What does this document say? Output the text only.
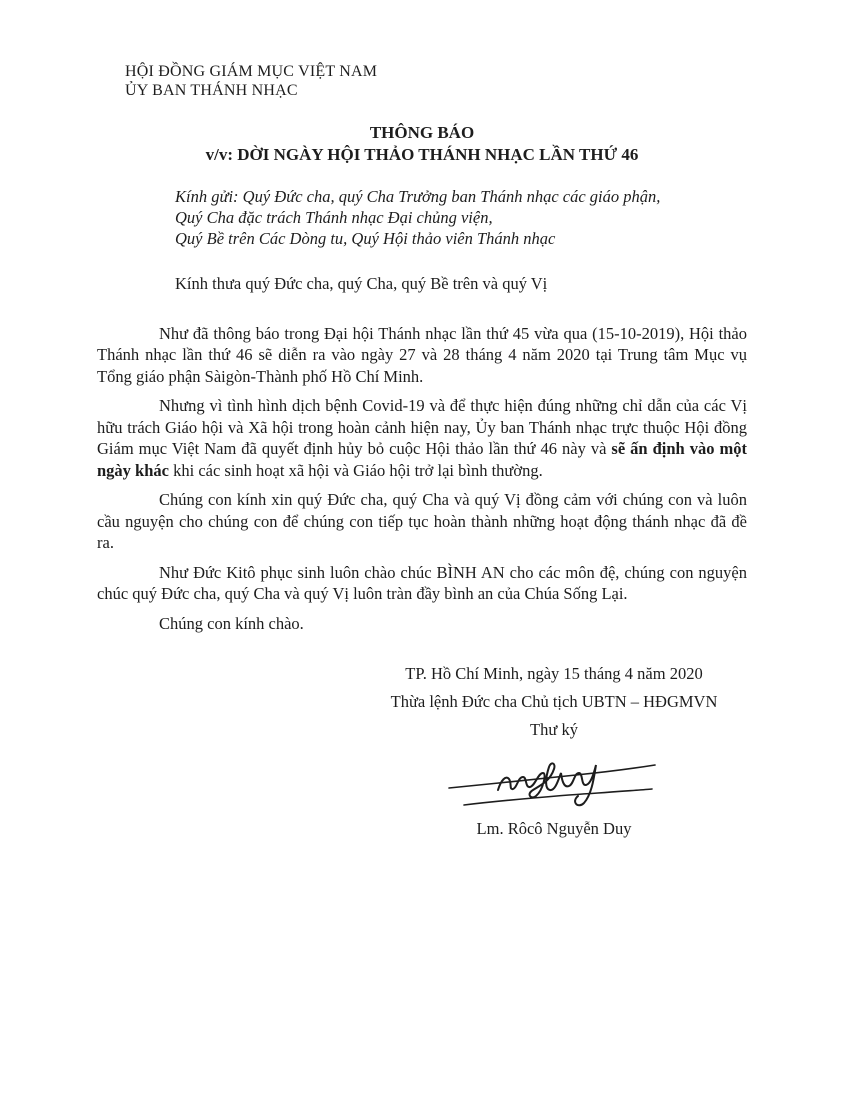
HỘI ĐỒNG GIÁM MỤC VIỆT NAM
ỦY BAN THÁNH NHẠC
THÔNG BÁO
v/v: DỜI NGÀY HỘI THẢO THÁNH NHẠC LẦN THỨ 46
Kính gửi: Quý Đức cha, quý Cha Trưởng ban Thánh nhạc các giáo phận,
Quý Cha đặc trách Thánh nhạc Đại chủng viện,
Quý Bề trên Các Dòng tu, Quý Hội thảo viên Thánh nhạc
Kính thưa quý Đức cha, quý Cha, quý Bề trên và quý Vị

Như đã thông báo trong Đại hội Thánh nhạc lần thứ 45 vừa qua (15-10-2019), Hội thảo Thánh nhạc lần thứ 46 sẽ diễn ra vào ngày 27 và 28 tháng 4 năm 2020 tại Trung tâm Mục vụ Tổng giáo phận Sàigòn-Thành phố Hồ Chí Minh.

Nhưng vì tình hình dịch bệnh Covid-19 và để thực hiện đúng những chỉ dẫn của các Vị hữu trách Giáo hội và Xã hội trong hoàn cảnh hiện nay, Ủy ban Thánh nhạc trực thuộc Hội đồng Giám mục Việt Nam đã quyết định hủy bỏ cuộc Hội thảo lần thứ 46 này và sẽ ấn định vào một ngày khác khi các sinh hoạt xã hội và Giáo hội trở lại bình thường.

Chúng con kính xin quý Đức cha, quý Cha và quý Vị đồng cảm với chúng con và luôn cầu nguyện cho chúng con để chúng con tiếp tục hoàn thành những hoạt động thánh nhạc đã đề ra.

Như Đức Kitô phục sinh luôn chào chúc BÌNH AN cho các môn đệ, chúng con nguyện chúc quý Đức cha, quý Cha và quý Vị luôn tràn đầy bình an của Chúa Sống Lại.

Chúng con kính chào.
TP. Hồ Chí Minh, ngày 15 tháng 4 năm 2020
Thừa lệnh Đức cha Chủ tịch UBTN – HĐGMVN
Thư ký
Lm. Rôcô Nguyễn Duy
